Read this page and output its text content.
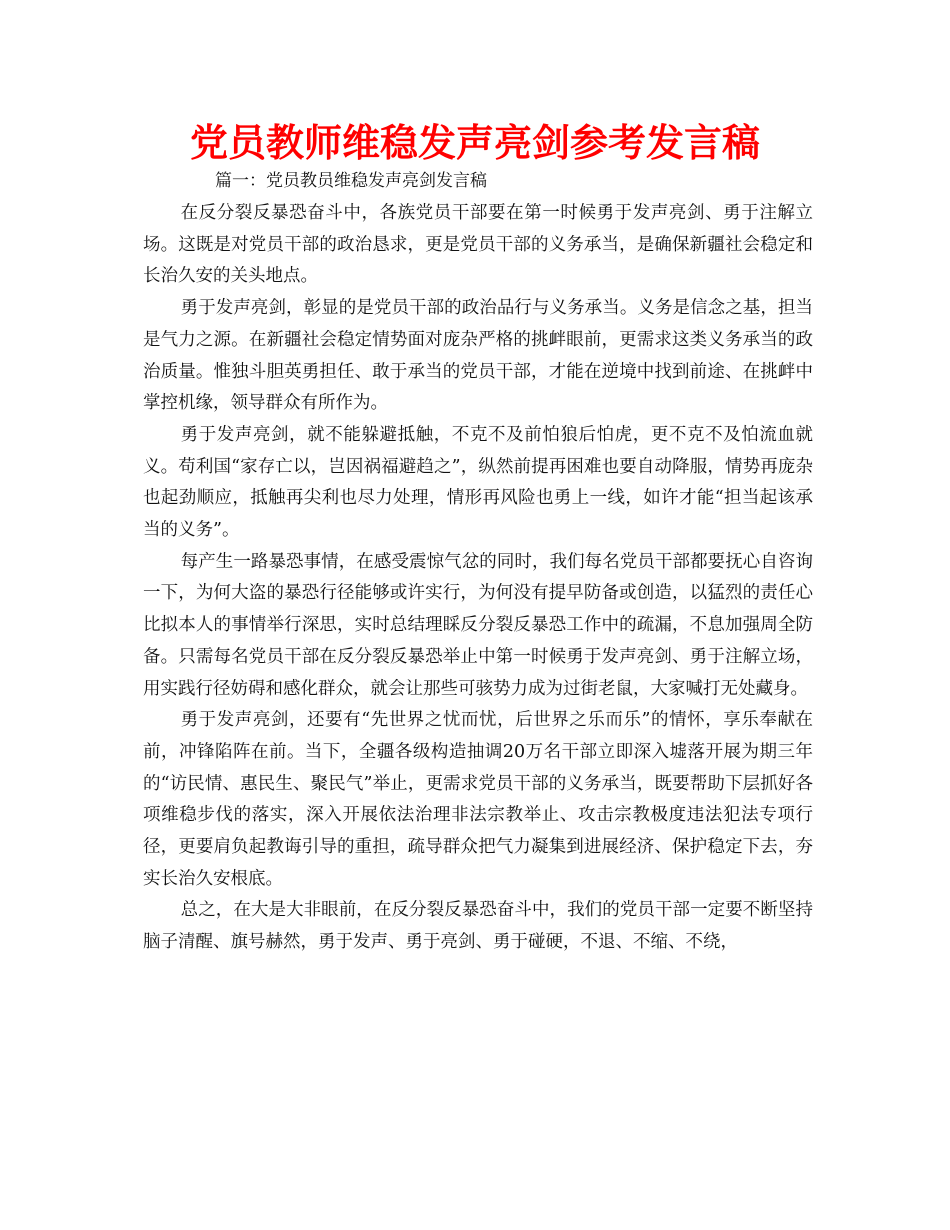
党员教师维稳发声亮剑参考发言稿

篇一：党员教员维稳发声亮剑发言稿

在反分裂反暴恐奋斗中，各族党员干部要在第一时候勇于发声亮剑、勇于注解立场。这既是对党员干部的政治恳求，更是党员干部的义务承当，是确保新疆社会稳定和长治久安的关头地点。

勇于发声亮剑，彰显的是党员干部的政治品行与义务承当。义务是信念之基，担当是气力之源。在新疆社会稳定情势面对庞杂严格的挑衅眼前，更需求这类义务承当的政治质量。惟独斗胆英勇担任、敢于承当的党员干部，才能在逆境中找到前途、在挑衅中掌控机缘，领导群众有所作为。

勇于发声亮剑，就不能躲避抵触，不克不及前怕狼后怕虎，更不克不及怕流血就义。苟利国“家存亡以，岂因祸福避趋之”，纵然前提再困难也要自动降服，情势再庞杂也起劲顺应，抵触再尖利也尽力处理，情形再风险也勇上一线，如许才能“担当起该承当的义务”。

每产生一路暴恐事情，在感受震惊气忿的同时，我们每名党员干部都要抚心自咨询一下，为何大盗的暴恐行径能够或许实行，为何没有提早防备或创造，以猛烈的责任心比拟本人的事情举行深思，实时总结理睬反分裂反暴恐工作中的疏漏，不息加强周全防备。只需每名党员干部在反分裂反暴恐举止中第一时候勇于发声亮剑、勇于注解立场，用实践行径妨碍和感化群众，就会让那些可骇势力成为过街老鼠，大家喊打无处藏身。

勇于发声亮剑，还要有“先世界之忧而忧，后世界之乐而乐”的情怀，享乐奉献在前，冲锋陷阵在前。当下，全疆各级构造抽调20万名干部立即深入墟落开展为期三年的“访民情、惠民生、聚民气”举止，更需求党员干部的义务承当，既要帮助下层抓好各项维稳步伐的落实，深入开展依法治理非法宗教举止、攻击宗教极度违法犯法专项行径，更要肩负起教诲引导的重担，疏导群众把气力凝集到进展经济、保护稳定下去，夯实长治久安根底。

总之，在大是大非眼前，在反分裂反暴恐奋斗中，我们的党员干部一定要不断坚持脑子清醒、旗号赫然，勇于发声、勇于亮剑、勇于碰硬，不退、不缩、不绕，
